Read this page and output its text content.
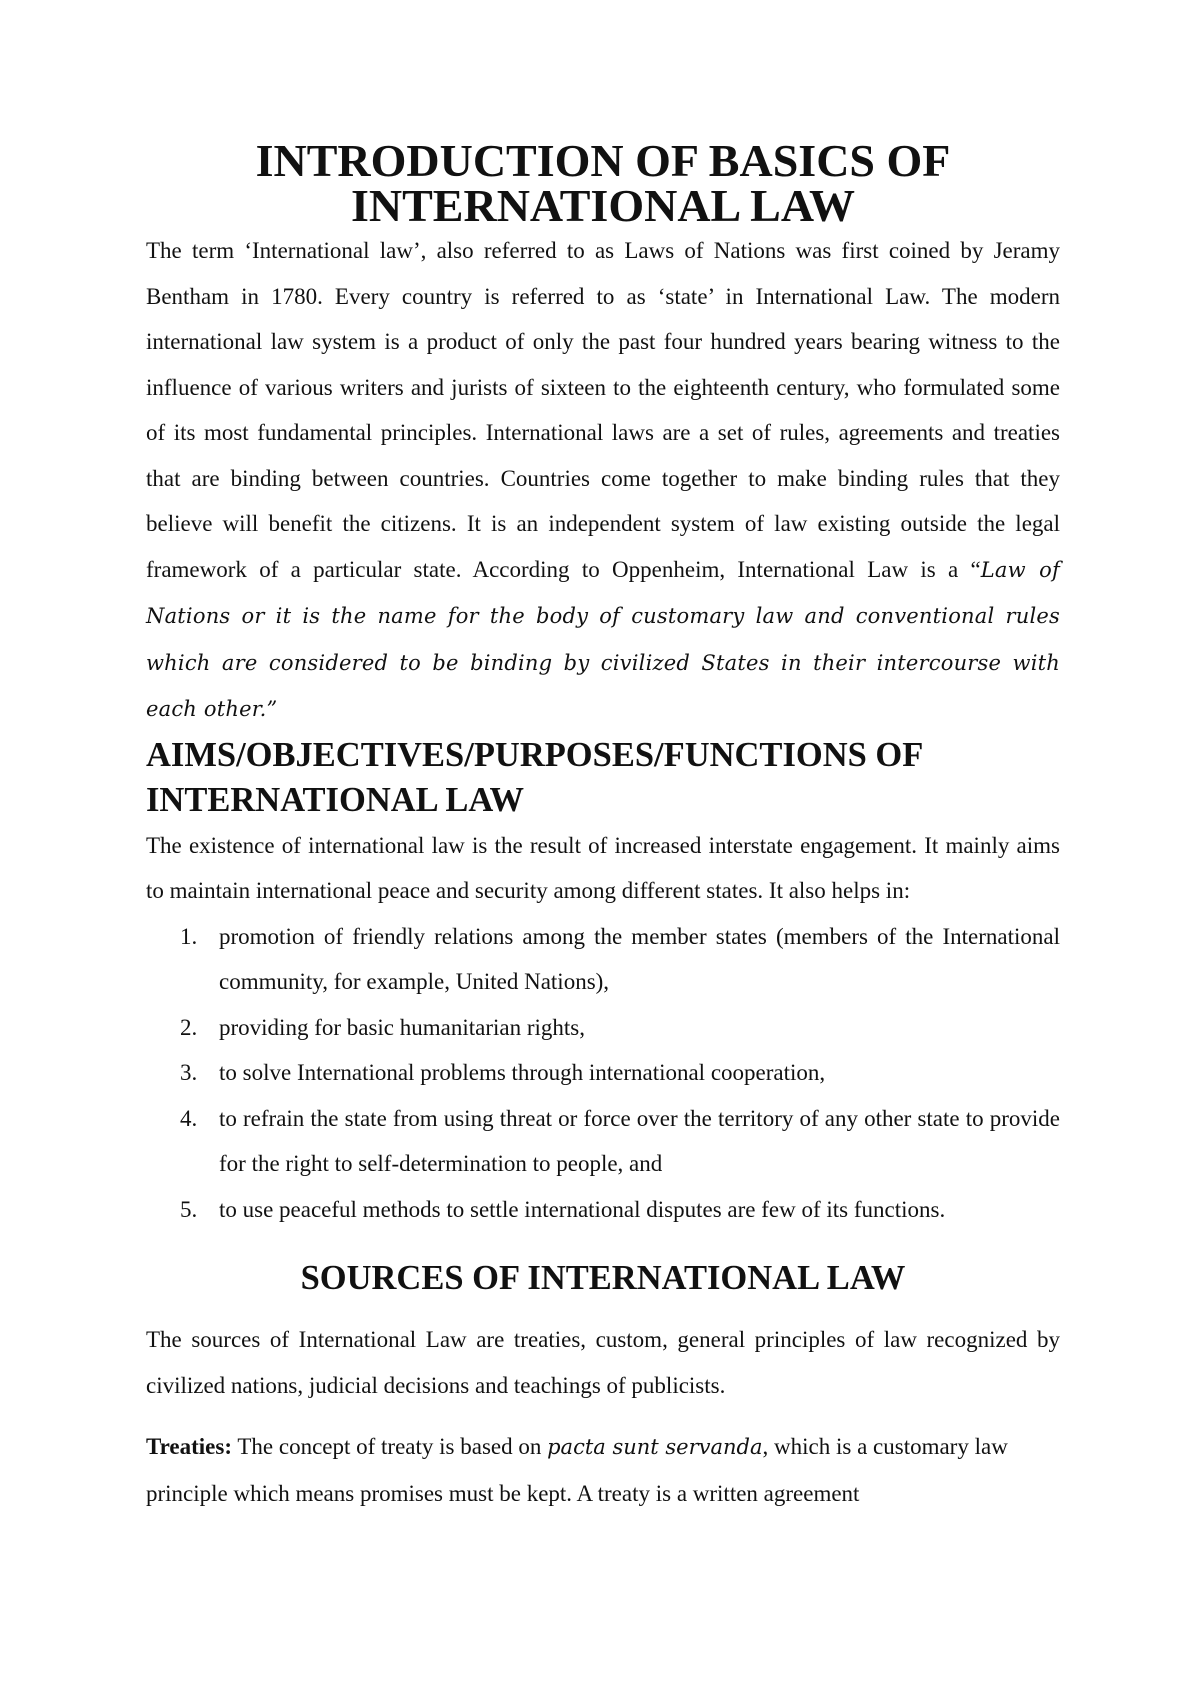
INTRODUCTION OF BASICS OF INTERNATIONAL LAW

The term ‘International law’, also referred to as Laws of Nations was first coined by Jeramy Bentham in 1780. Every country is referred to as ‘state’ in International Law. The modern international law system is a product of only the past four hundred years bearing witness to the influence of various writers and jurists of sixteen to the eighteenth century, who formulated some of its most fundamental principles. International laws are a set of rules, agreements and treaties that are binding between countries. Countries come together to make binding rules that they believe will benefit the citizens. It is an independent system of law existing outside the legal framework of a particular state. According to Oppenheim, International Law is a “Law of Nations or it is the name for the body of customary law and conventional rules which are considered to be binding by civilized States in their intercourse with each other.”

AIMS/OBJECTIVES/PURPOSES/FUNCTIONS OF INTERNATIONAL LAW

The existence of international law is the result of increased interstate engagement. It mainly aims to maintain international peace and security among different states. It also helps in:

1. promotion of friendly relations among the member states (members of the International community, for example, United Nations),
2. providing for basic humanitarian rights,
3. to solve International problems through international cooperation,
4. to refrain the state from using threat or force over the territory of any other state to provide for the right to self-determination to people, and
5. to use peaceful methods to settle international disputes are few of its functions.
SOURCES OF INTERNATIONAL LAW

The sources of International Law are treaties, custom, general principles of law recognized by civilized nations, judicial decisions and teachings of publicists.

Treaties: The concept of treaty is based on pacta sunt servanda, which is a customary law principle which means promises must be kept. A treaty is a written agreement
